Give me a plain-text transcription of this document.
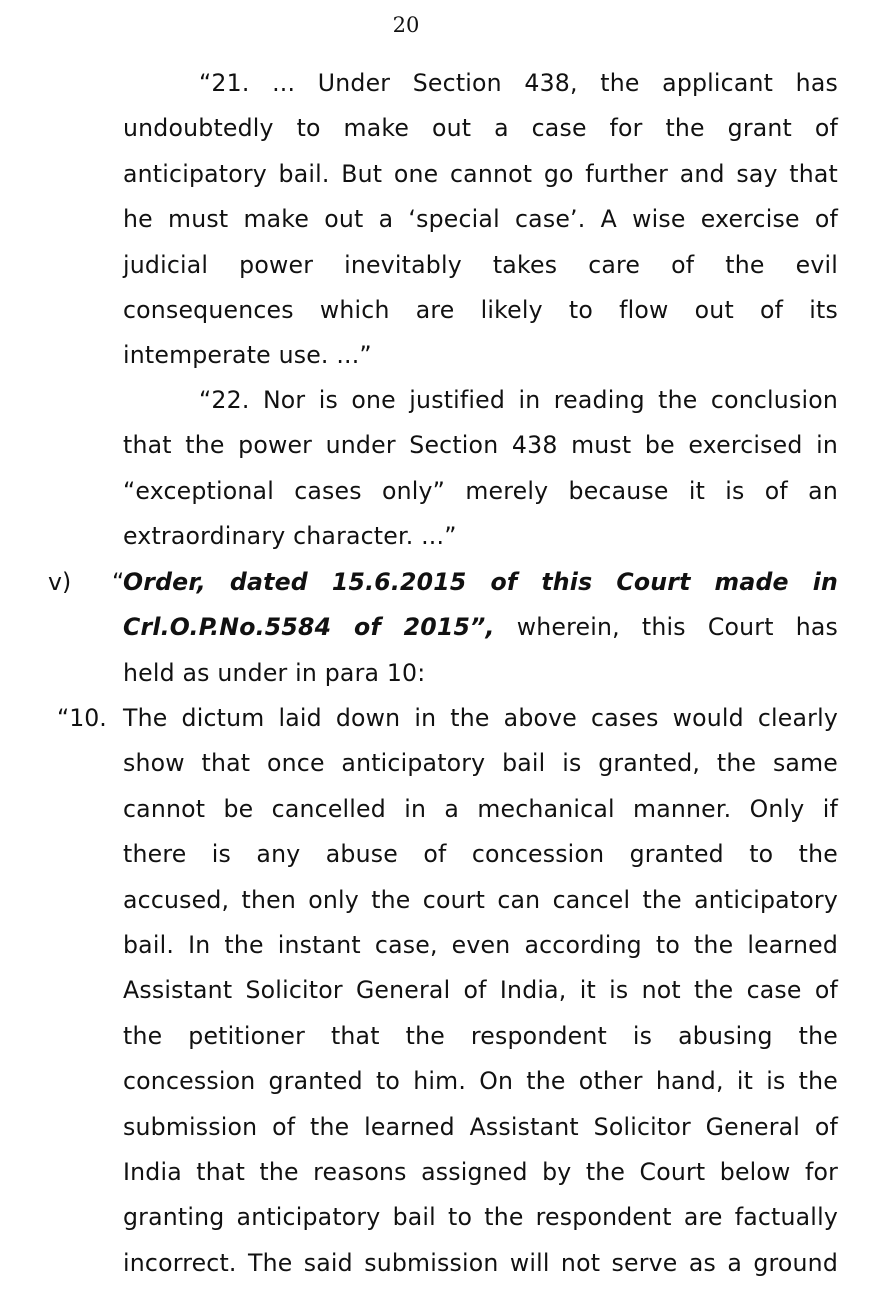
20
“21. ... Under Section 438, the applicant has
undoubtedly to make out a case for the grant of
anticipatory bail. But one cannot go further and say that
he must make out a ‘special case’. A wise exercise of
judicial power inevitably takes care of the evil
consequences which are likely to flow out of its
intemperate use. ...”
“22. Nor is one justified in reading the conclusion
that the power under Section 438 must be exercised in
“exceptional cases only” merely because it is of an
extraordinary character. ...”
v) “
Order, dated 15.6.2015 of this Court made in
Crl.O.P.No.5584 of 2015”, wherein, this Court has
held as under in para 10:
“10. The dictum laid down in the above cases would clearly
show that once anticipatory bail is granted, the same
cannot be cancelled in a mechanical manner. Only if
there is any abuse of concession granted to the
accused, then only the court can cancel the anticipatory
bail. In the instant case, even according to the learned
Assistant Solicitor General of India, it is not the case of
the petitioner that the respondent is abusing the
concession granted to him. On the other hand, it is the
submission of the learned Assistant Solicitor General of
India that the reasons assigned by the Court below for
granting anticipatory bail to the respondent are factually
incorrect. The said submission will not serve as a ground
